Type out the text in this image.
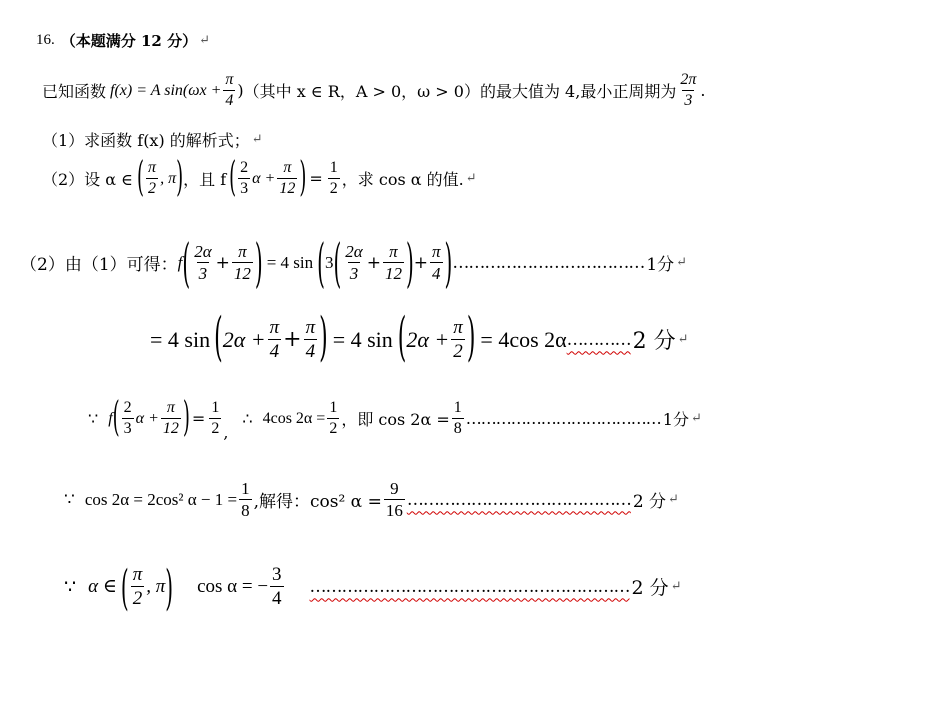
16. （本题满分 12 分） ↵
已知函数 f(x) = A $\sin(\omega x + \frac{\pi}{4}$ ) （其中 x ∈ R，A > 0，ω > 0）的最大值为 4,最小正周期为 $\frac{2\pi}{3}$ .
（1）求函数 f(x) 的解析式； ↵
（2）设 α ∈ ( $\frac{\pi}{2}$ , π ) ，且 f ( $\frac{2}{3}$ $\alpha + \frac{\pi}{12}$ ) = $\frac{1}{2}$ ，求 cos α 的值. ↵
（2）由（1）可得： f ( $\frac{2\alpha}{3} + \frac{\pi}{12}$ ) = 4 sin ( 3 ( $\frac{2\alpha}{3} + \frac{\pi}{12}$ ) + $\frac{\pi}{4}$ ) ……………………………… 1分 ↵
= 4 sin ( $2\alpha + \frac{\pi}{4} + \frac{\pi}{4}$ ) = 4 sin ( $2\alpha + \frac{\pi}{2}$ ) = 4cos 2α ………… 2 分 ↵
∵ f ( $\frac{2}{3}$ $\alpha + \frac{\pi}{12}$ ) = $\frac{1}{2}$ ,
∴ 4cos $2\alpha = \frac{1}{2}$ ，即 $\cos 2\alpha = \frac{1}{8}$ ………………………………… 1分 ↵
∵ cos 2α = 2cos² $\alpha - 1 = \frac{1}{8}$ ,解得：cos² $\alpha = \frac{9}{16}$ …………………………………… 2 分 ↵
∵ α ∈ ( $\frac{\pi}{2}$ , π ) cos α = − $\frac{3}{4}$ …………………………………………………… 2 分 ↵
